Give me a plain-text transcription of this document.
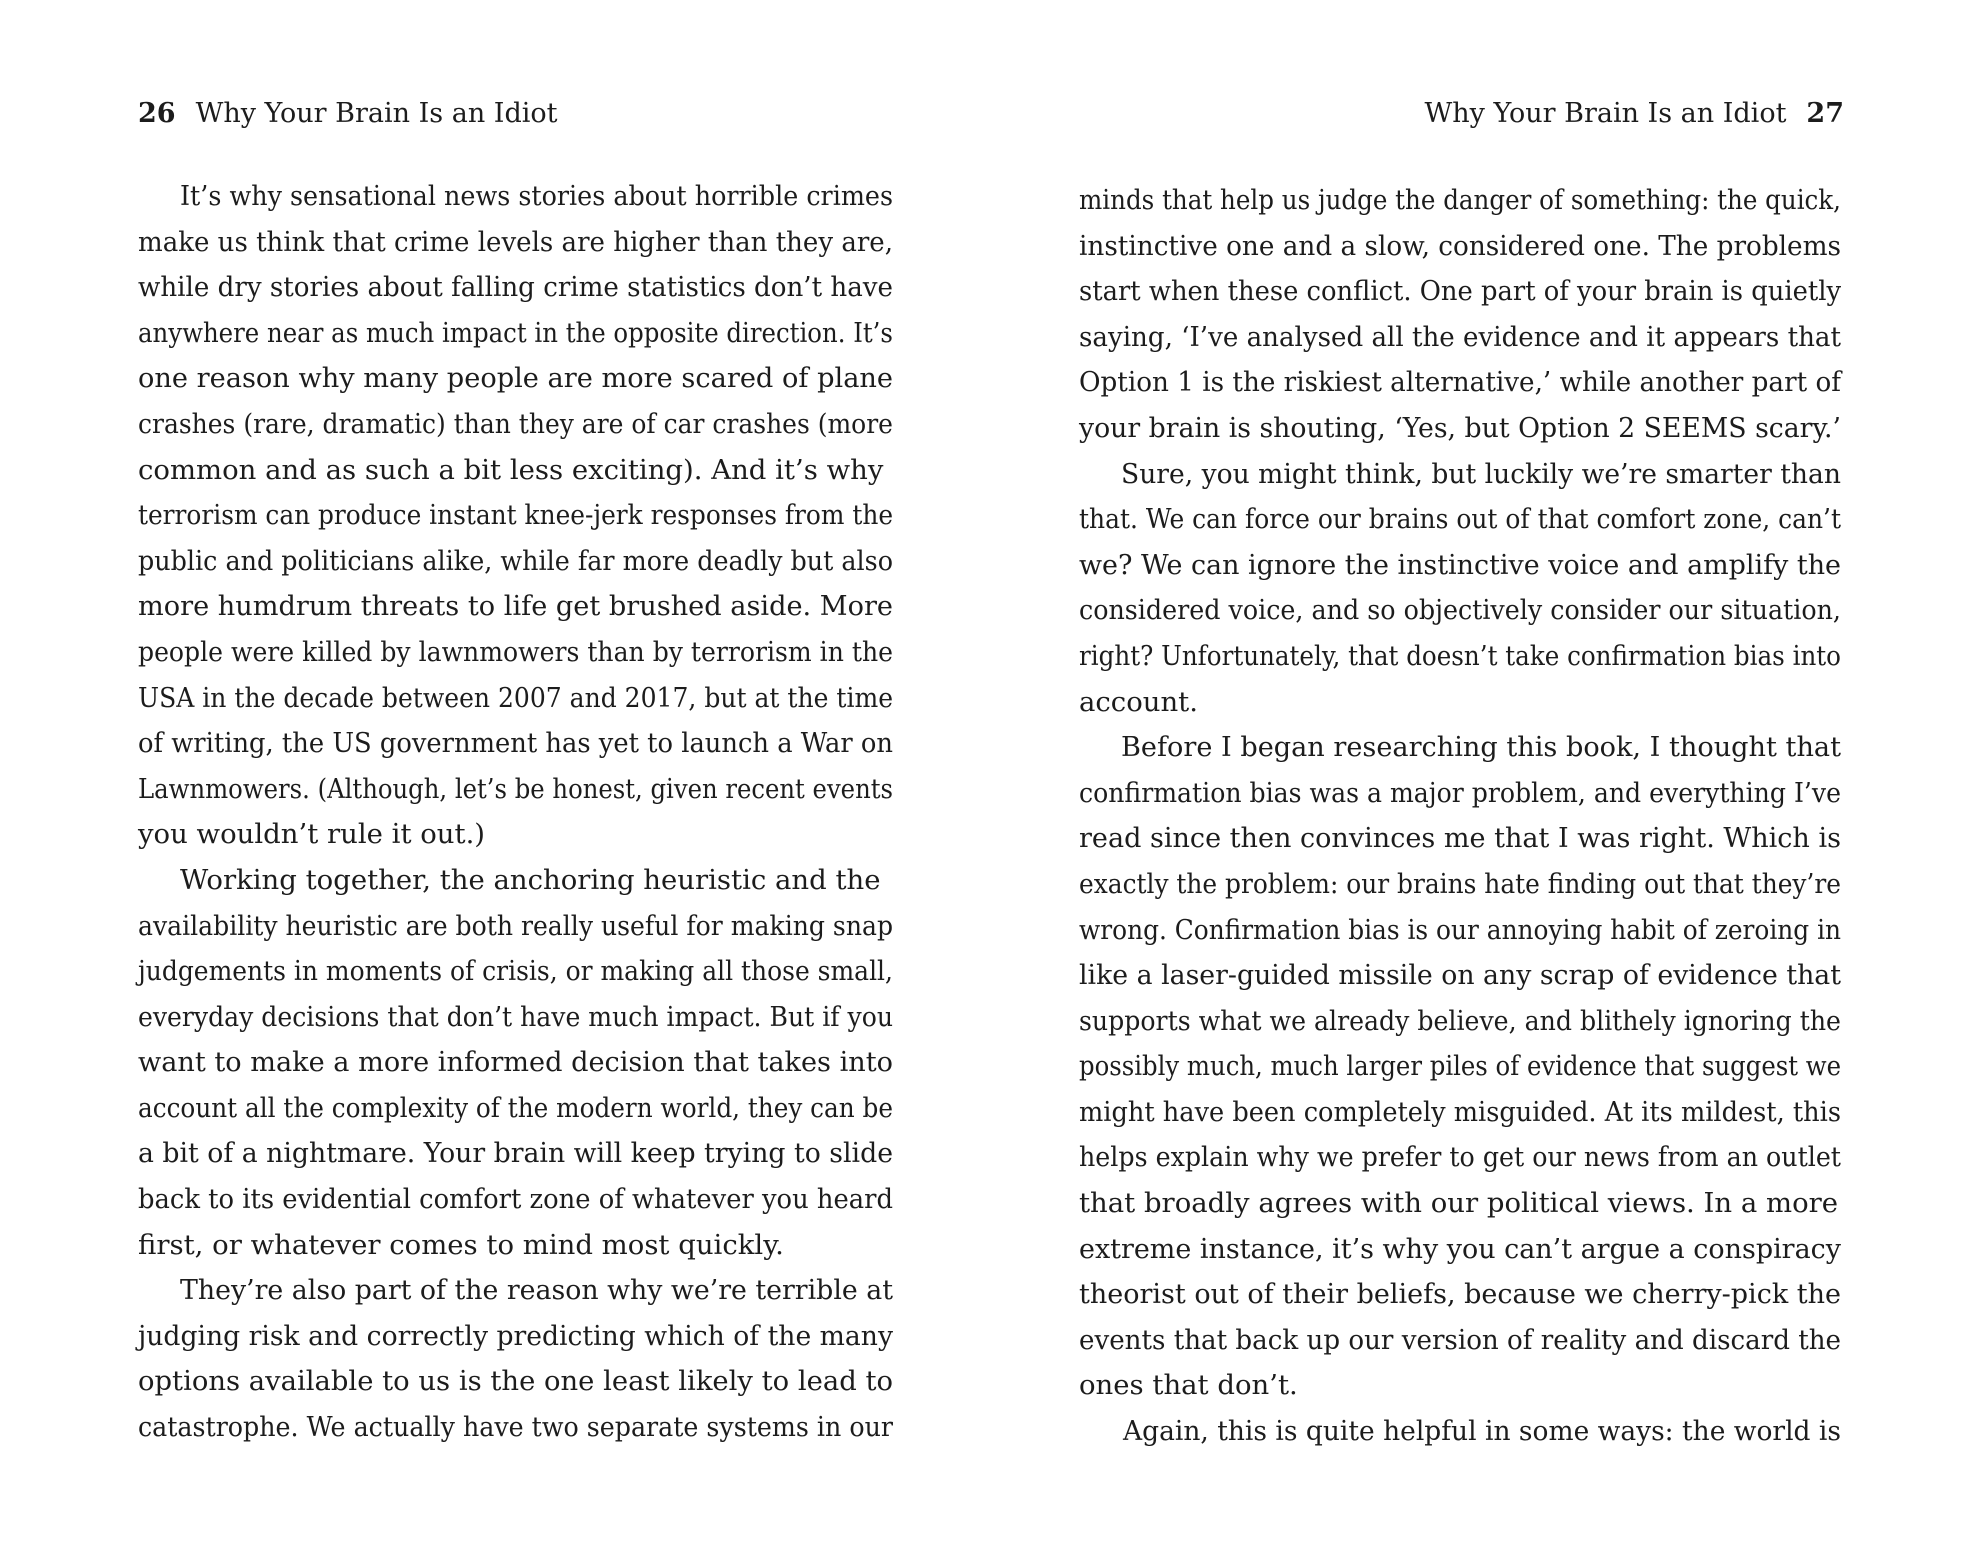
26 Why Your Brain Is an Idiot
It’s why sensational news stories about horrible crimes
make us think that crime levels are higher than they are,
while dry stories about falling crime statistics don’t have
anywhere near as much impact in the opposite direction. It’s
one reason why many people are more scared of plane
crashes (rare, dramatic) than they are of car crashes (more
common and as such a bit less exciting). And it’s why
terrorism can produce instant knee-jerk responses from the
public and politicians alike, while far more deadly but also
more humdrum threats to life get brushed aside. More
people were killed by lawnmowers than by terrorism in the
USA in the decade between 2007 and 2017, but at the time
of writing, the US government has yet to launch a War on
Lawnmowers. (Although, let’s be honest, given recent events
you wouldn’t rule it out.)
Working together, the anchoring heuristic and the
availability heuristic are both really useful for making snap
judgements in moments of crisis, or making all those small,
everyday decisions that don’t have much impact. But if you
want to make a more informed decision that takes into
account all the complexity of the modern world, they can be
a bit of a nightmare. Your brain will keep trying to slide
back to its evidential comfort zone of whatever you heard
first, or whatever comes to mind most quickly.
They’re also part of the reason why we’re terrible at
judging risk and correctly predicting which of the many
options available to us is the one least likely to lead to
catastrophe. We actually have two separate systems in our
Why Your Brain Is an Idiot 27
minds that help us judge the danger of something: the quick,
instinctive one and a slow, considered one. The problems
start when these conflict. One part of your brain is quietly
saying, ‘I’ve analysed all the evidence and it appears that
Option 1 is the riskiest alternative,’ while another part of
your brain is shouting, ‘Yes, but Option 2 SEEMS scary.’
Sure, you might think, but luckily we’re smarter than
that. We can force our brains out of that comfort zone, can’t
we? We can ignore the instinctive voice and amplify the
considered voice, and so objectively consider our situation,
right? Unfortunately, that doesn’t take confirmation bias into
account.
Before I began researching this book, I thought that
confirmation bias was a major problem, and everything I’ve
read since then convinces me that I was right. Which is
exactly the problem: our brains hate finding out that they’re
wrong. Confirmation bias is our annoying habit of zeroing in
like a laser-guided missile on any scrap of evidence that
supports what we already believe, and blithely ignoring the
possibly much, much larger piles of evidence that suggest we
might have been completely misguided. At its mildest, this
helps explain why we prefer to get our news from an outlet
that broadly agrees with our political views. In a more
extreme instance, it’s why you can’t argue a conspiracy
theorist out of their beliefs, because we cherry-pick the
events that back up our version of reality and discard the
ones that don’t.
Again, this is quite helpful in some ways: the world is
